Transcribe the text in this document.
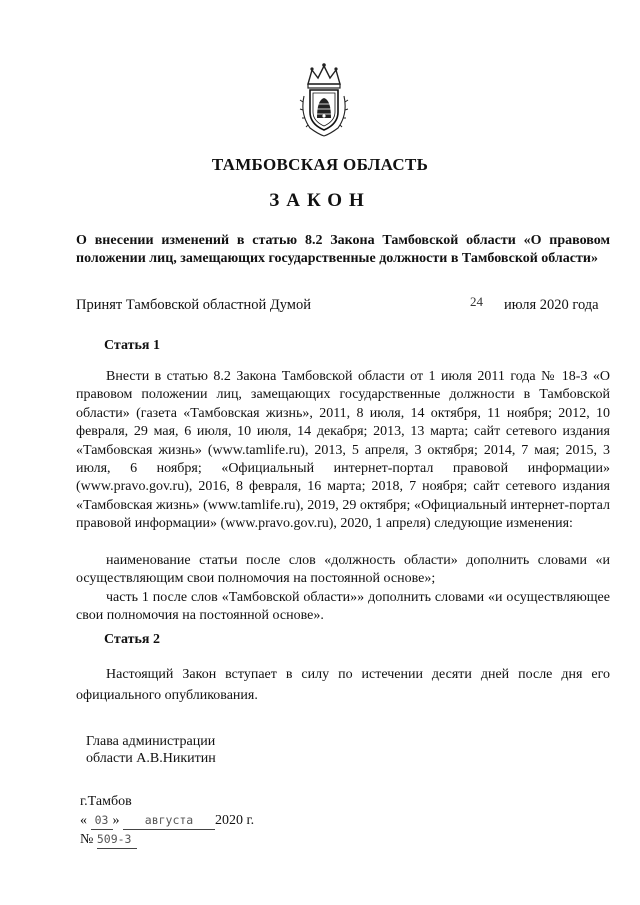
ТАМБОВСКАЯ ОБЛАСТЬ
ЗАКОН
О внесении изменений в статью 8.2 Закона Тамбовской области «О правовом положении лиц, замещающих государственные должности в Тамбовской области»
Принят Тамбовской областной Думой	24 июля 2020 года
Статья 1

Внести в статью 8.2 Закона Тамбовской области от 1 июля 2011 года № 18-З «О правовом положении лиц, замещающих государственные должности в Тамбовской области» (газета «Тамбовская жизнь», 2011, 8 июля, 14 октября, 11 ноября; 2012, 10 февраля, 29 мая, 6 июля, 10 июля, 14 декабря; 2013, 13 марта; сайт сетевого издания «Тамбовская жизнь» (www.tamlife.ru), 2013, 5 апреля, 3 октября; 2014, 7 мая; 2015, 3 июля, 6 ноября; «Официальный интернет-портал правовой информации» (www.pravo.gov.ru), 2016, 8 февраля, 16 марта; 2018, 7 ноября; сайт сетевого издания «Тамбовская жизнь» (www.tamlife.ru), 2019, 29 октября; «Официальный интернет-портал правовой информации» (www.pravo.gov.ru), 2020, 1 апреля) следующие изменения:

наименование статьи после слов «должность области» дополнить словами «и осуществляющим свои полномочия на постоянной основе»;

часть 1 после слов «Тамбовской области»» дополнить словами «и осуществляющее свои полномочия на постоянной основе».

Статья 2

Настоящий Закон вступает в силу по истечении десяти дней после дня его официального опубликования.

Глава администрации
области А.В.Никитин
г.Тамбов
« 03 » августа 2020 г.
№ 509-З
